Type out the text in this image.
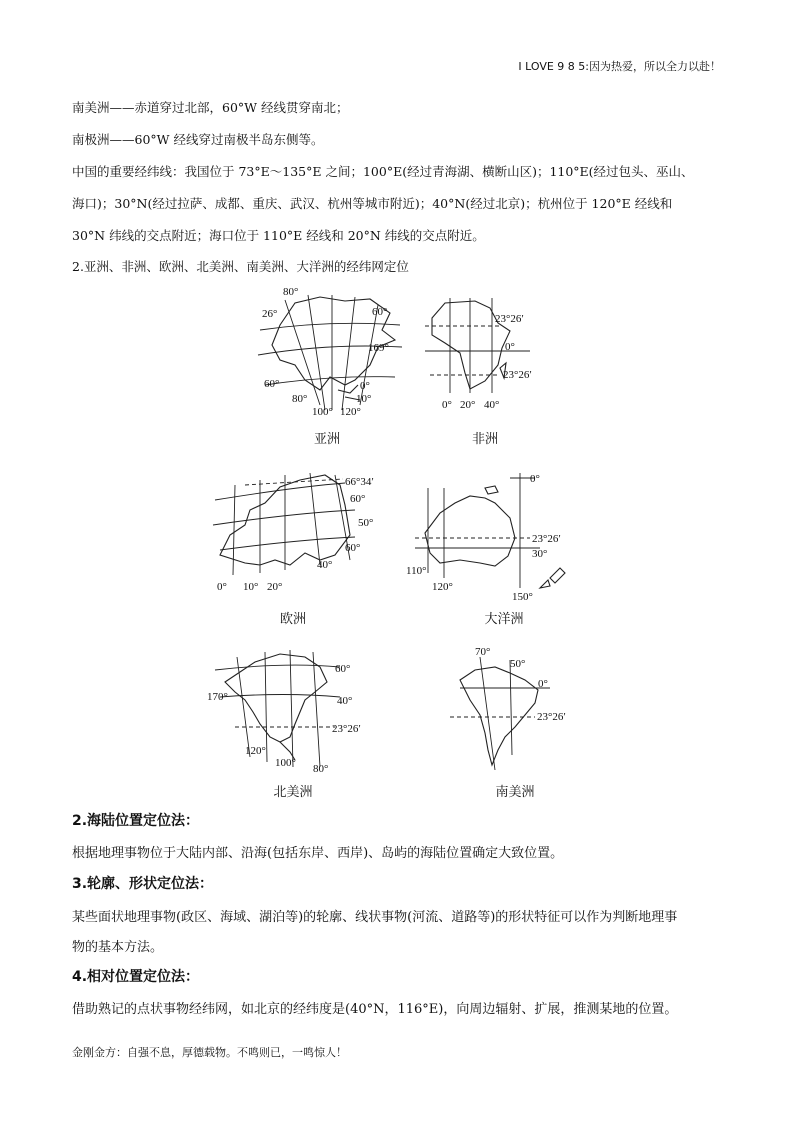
I LOVE 9 8 5:因为热爱，所以全力以赴！
南美洲——赤道穿过北部，60°W 经线贯穿南北；
南极洲——60°W 经线穿过南极半岛东侧等。
中国的重要经纬线：我国位于 73°E～135°E 之间；100°E(经过青海湖、横断山区)；110°E(经过包头、巫山、
海口)；30°N(经过拉萨、成都、重庆、武汉、杭州等城市附近)；40°N(经过北京)；杭州位于 120°E 经线和
30°N 纬线的交点附近；海口位于 110°E 经线和 20°N 纬线的交点附近。
2.亚洲、非洲、欧洲、北美洲、南美洲、大洋洲的经纬网定位
80°
26°	60°
169°
60°	0°
80°	10°
100° 120°
亚洲
23°26′
0°
23°26′
0° 20° 40°
非洲
66°34′
60°
50°
60°
40°
0° 10° 20°
欧洲
0°
23°26′
30°
110°
120°
150°
大洋洲
60°
170°	40°
23°26′
120°
100° 80°
北美洲
70°
50°
0°
23°26′
南美洲
2.海陆位置定位法：
根据地理事物位于大陆内部、沿海(包括东岸、西岸)、岛屿的海陆位置确定大致位置。
3.轮廓、形状定位法：
某些面状地理事物(政区、海域、湖泊等)的轮廓、线状事物(河流、道路等)的形状特征可以作为判断地理事
物的基本方法。
4.相对位置定位法：
借助熟记的点状事物经纬网，如北京的经纬度是(40°N，116°E)，向周边辐射、扩展，推测某地的位置。
金刚金方：自强不息，厚德载物。不鸣则已，一鸣惊人！
